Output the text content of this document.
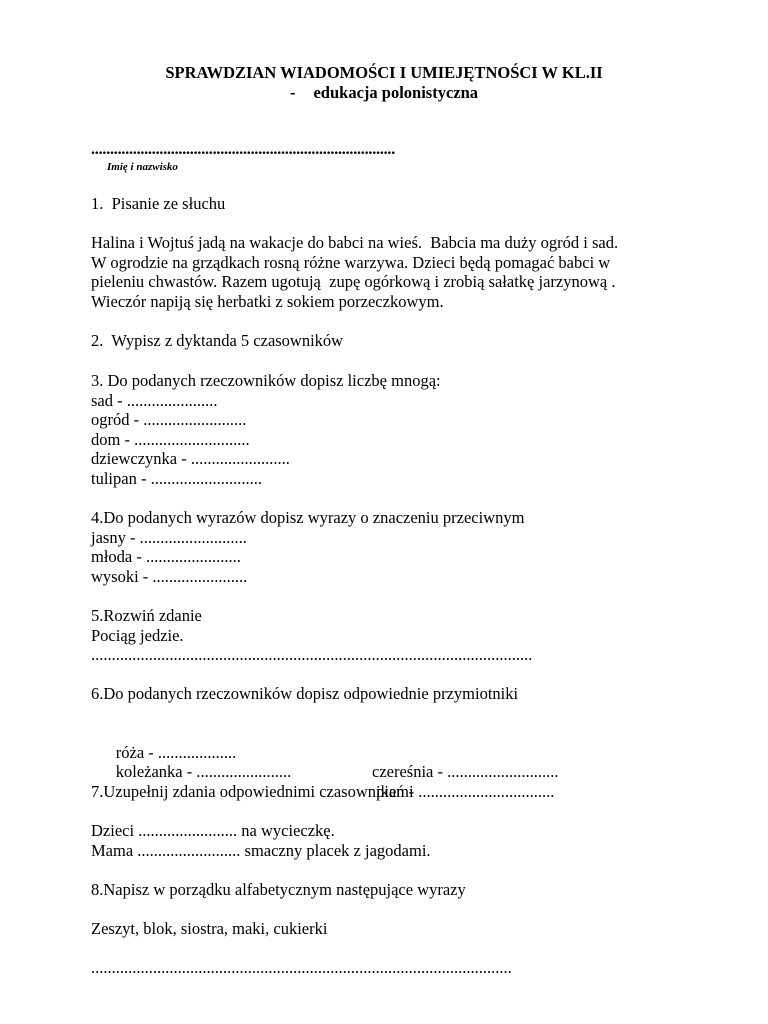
SPRAWDZIAN WIADOMOŚCI I UMIEJĘTNOŚCI W KL.II
- edukacja polonistyczna
................................................................................
Imię i nazwisko
1.  Pisanie ze słuchu
Halina i Wojtuś jadą na wakacje do babci na wieś.  Babcia ma duży ogród i sad.
W ogrodzie na grządkach rosną różne warzywa. Dzieci będą pomagać babci w
pieleniu chwastów. Razem ugotują  zupę ogórkową i zrobią sałatkę jarzynową .
Wieczór napiją się herbatki z sokiem porzeczkowym.
2.  Wypisz z dyktanda 5 czasowników
3. Do podanych rzeczowników dopisz liczbę mnogą:
sad - ......................
ogród - .........................
dom - ............................
dziewczynka - ........................
tulipan - ...........................
4.Do podanych wyrazów dopisz wyrazy o znaczeniu przeciwnym
jasny - ..........................
młoda - .......................
wysoki - .......................
5.Rozwiń zdanie
Pociąg jedzie.
...........................................................................................................
6.Do podanych rzeczowników dopisz odpowiednie przymiotniki

róża - ...................

czereśnia - ...........................

koleżanka - .......................

pień - .................................

7.Uzupełnij zdania odpowiednimi czasownikami
Dzieci ........................ na wycieczkę.
Mama ......................... smaczny placek z jagodami.
8.Napisz w porządku alfabetycznym następujące wyrazy
Zeszyt, blok, siostra, maki, cukierki
......................................................................................................
